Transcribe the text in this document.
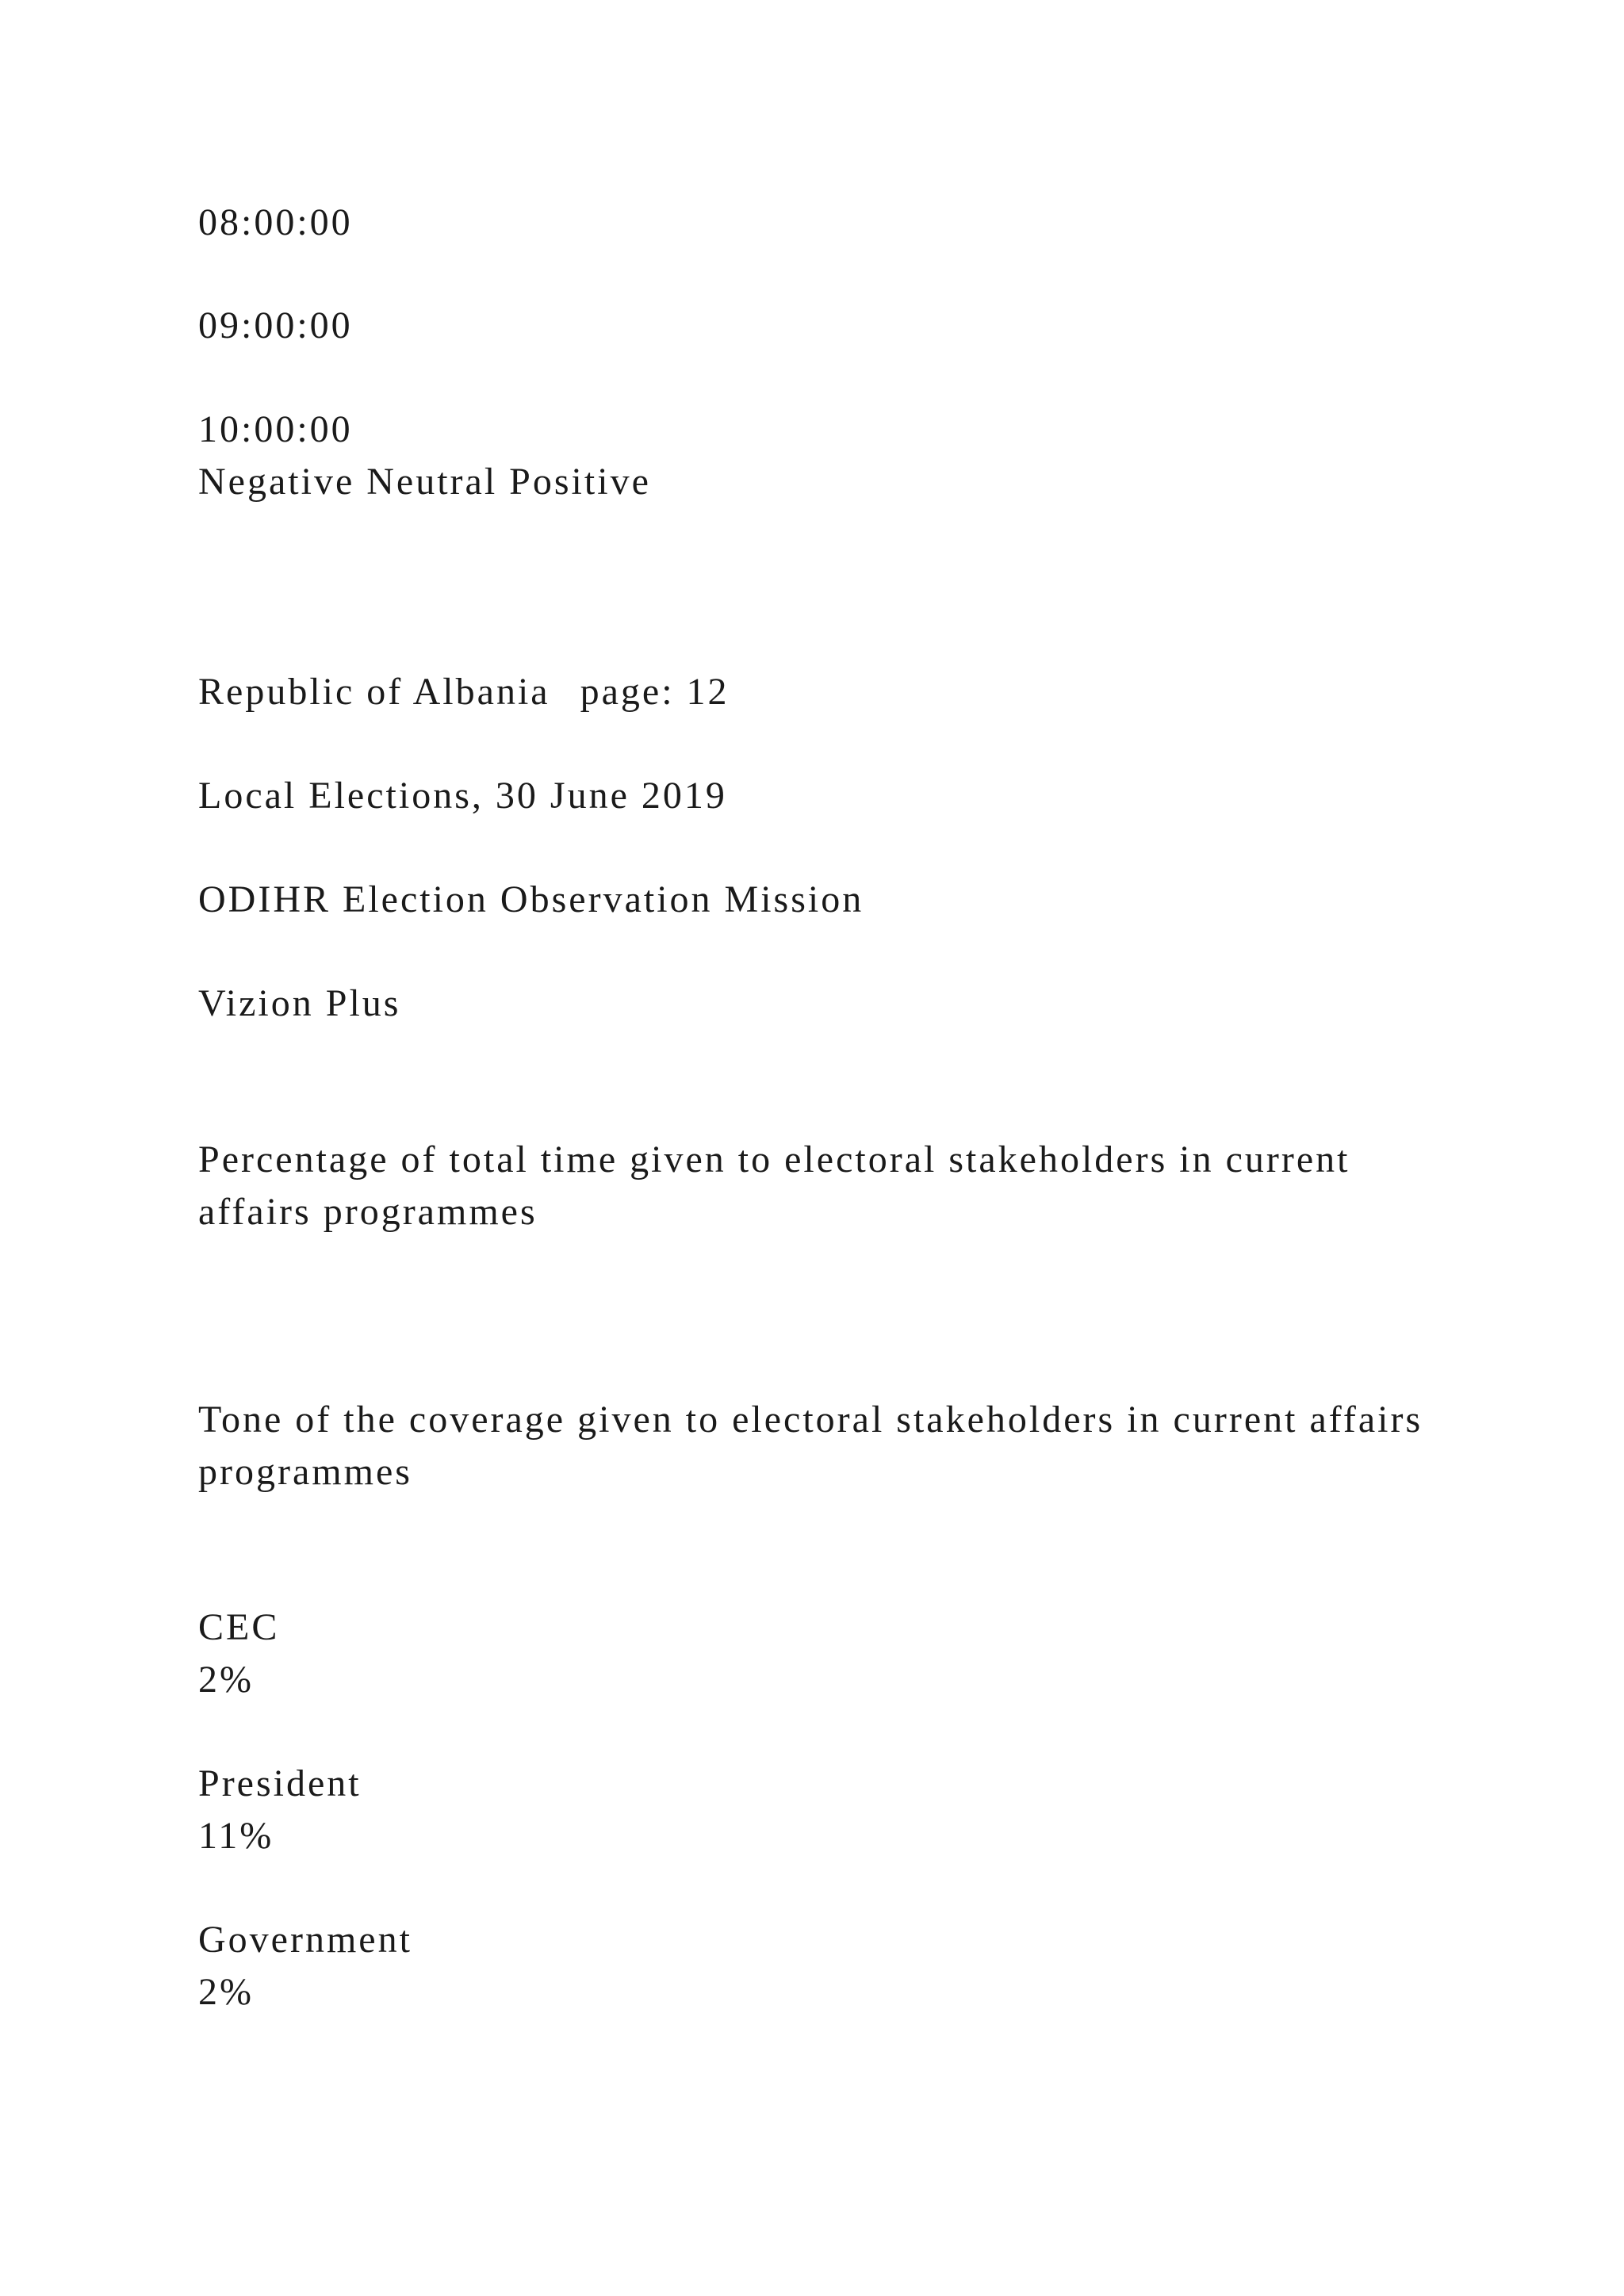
08:00:00

09:00:00

10:00:00

Negative Neutral Positive

Republic of Albania page: 12

Local Elections, 30 June 2019

ODIHR Election Observation Mission

Vizion Plus

Percentage of total time given to electoral stakeholders in current affairs programmes

Tone of the coverage given to electoral stakeholders in current affairs programmes

CEC

2%

President

11%

Government

2%
